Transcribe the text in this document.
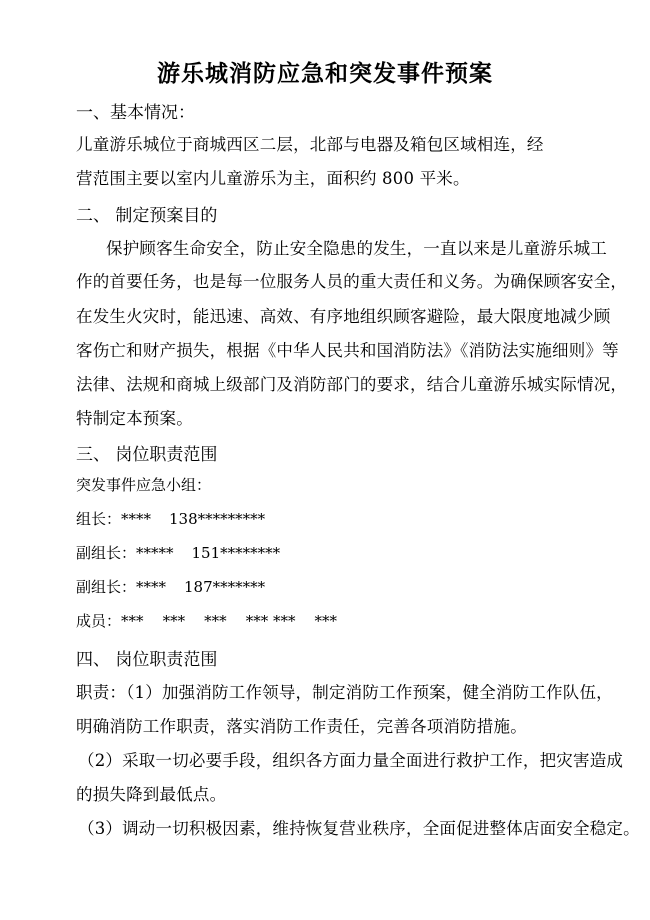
游乐城消防应急和突发事件预案
一、基本情况：
儿童游乐城位于商城西区二层，北部与电器及箱包区域相连，经
营范围主要以室内儿童游乐为主，面积约 800 平米。
二、 制定预案目的
保护顾客生命安全，防止安全隐患的发生，一直以来是儿童游乐城工
作的首要任务，也是每一位服务人员的重大责任和义务。为确保顾客安全，
在发生火灾时，能迅速、高效、有序地组织顾客避险，最大限度地减少顾
客伤亡和财产损失，根据《中华人民共和国消防法》《消防法实施细则》等
法律、法规和商城上级部门及消防部门的要求，结合儿童游乐城实际情况，
特制定本预案。
三、 岗位职责范围
突发事件应急小组：
组长：**** 138*********
副组长：***** 151********
副组长：**** 187*******
成员：***    ***    ***    *** ***    ***
四、 岗位职责范围
职责：（1）加强消防工作领导，制定消防工作预案，健全消防工作队伍，
明确消防工作职责，落实消防工作责任，完善各项消防措施。
（2）采取一切必要手段，组织各方面力量全面进行救护工作，把灾害造成
的损失降到最低点。
（3）调动一切积极因素，维持恢复营业秩序，全面促进整体店面安全稳定。
